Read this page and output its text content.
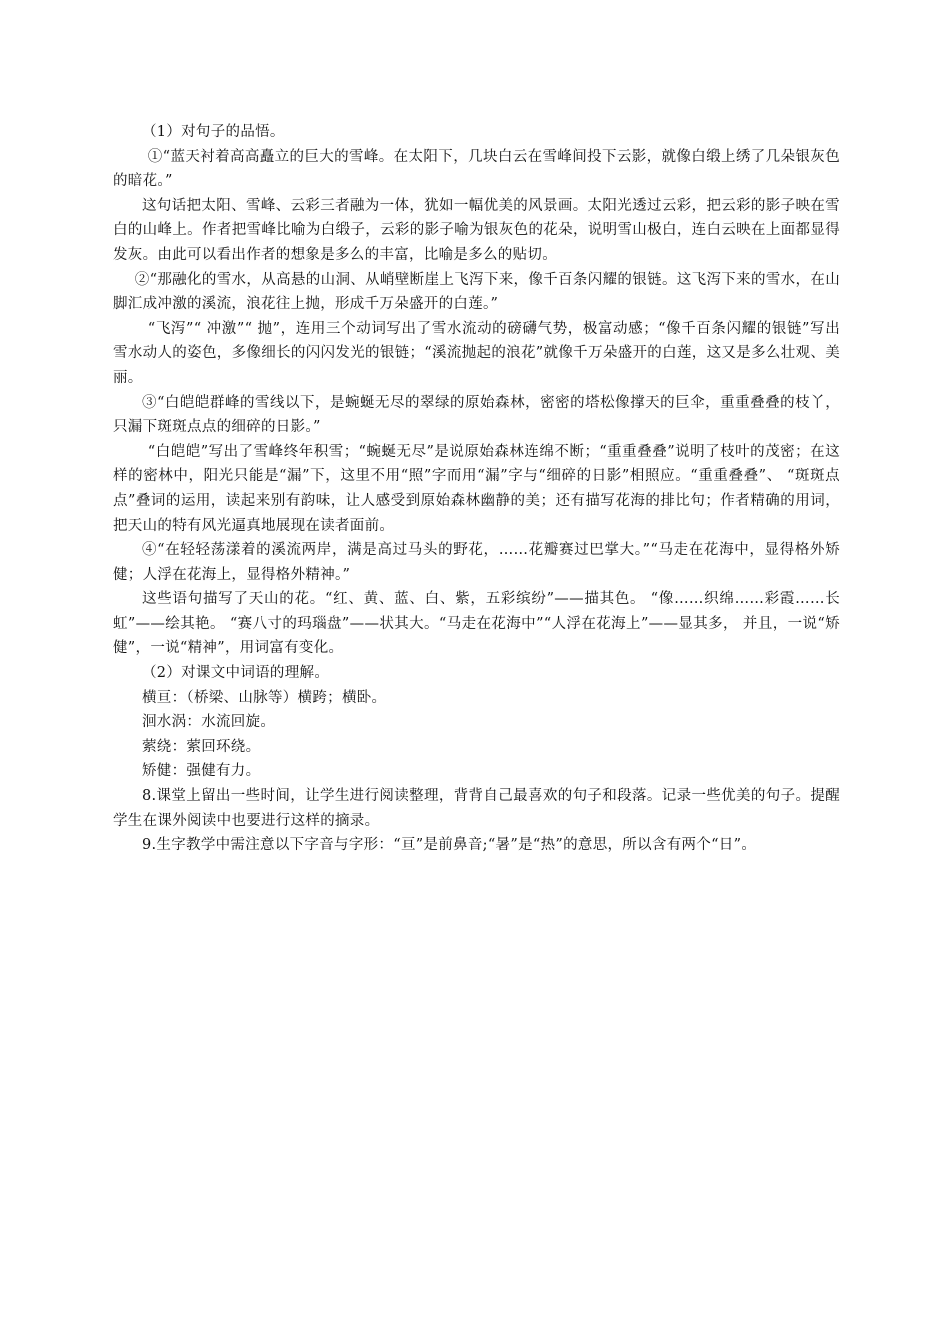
（1）对句子的品悟。

①“蓝天衬着高高矗立的巨大的雪峰。在太阳下，几块白云在雪峰间投下云影，就像白缎上绣了几朵银灰色的暗花。”

这句话把太阳、雪峰、云彩三者融为一体，犹如一幅优美的风景画。太阳光透过云彩，把云彩的影子映在雪白的山峰上。作者把雪峰比喻为白缎子，云彩的影子喻为银灰色的花朵，说明雪山极白，连白云映在上面都显得发灰。由此可以看出作者的想象是多么的丰富，比喻是多么的贴切。

②“那融化的雪水，从高悬的山洞、从峭壁断崖上飞泻下来，像千百条闪耀的银链。这飞泻下来的雪水，在山脚汇成冲激的溪流，浪花往上抛，形成千万朵盛开的白莲。”

“飞泻”“ 冲激”“ 抛”，连用三个动词写出了雪水流动的磅礴气势，极富动感；“像千百条闪耀的银链”写出雪水动人的姿色，多像细长的闪闪发光的银链；“溪流抛起的浪花”就像千万朵盛开的白莲，这又是多么壮观、美丽。

③“白皑皑群峰的雪线以下，是蜿蜒无尽的翠绿的原始森林，密密的塔松像撑天的巨伞，重重叠叠的枝丫，只漏下斑斑点点的细碎的日影。”

“白皑皑”写出了雪峰终年积雪；“蜿蜒无尽”是说原始森林连绵不断；“重重叠叠”说明了枝叶的茂密；在这样的密林中，阳光只能是“漏”下，这里不用“照”字而用“漏”字与“细碎的日影”相照应。“重重叠叠”、 “斑斑点点”叠词的运用，读起来别有韵味，让人感受到原始森林幽静的美；还有描写花海的排比句；作者精确的用词，把天山的特有风光逼真地展现在读者面前。

④“在轻轻荡漾着的溪流两岸，满是高过马头的野花，……花瓣赛过巴掌大。”“马走在花海中，显得格外矫健；人浮在花海上，显得格外精神。”

这些语句描写了天山的花。“红、黄、蓝、白、紫，五彩缤纷”——描其色。 “像……织绵……彩霞……长虹”——绘其艳。 “赛八寸的玛瑙盘”——状其大。“马走在花海中”“人浮在花海上”——显其多， 并且，一说“矫健”，一说“精神”，用词富有变化。

（2）对课文中词语的理解。

横亘：（桥梁、山脉等）横跨；横卧。

洄水涡：水流回旋。

萦绕：萦回环绕。

矫健：强健有力。

8.课堂上留出一些时间，让学生进行阅读整理，背背自己最喜欢的句子和段落。记录一些优美的句子。提醒学生在课外阅读中也要进行这样的摘录。

9.生字教学中需注意以下字音与字形：“亘”是前鼻音;“暑”是“热”的意思，所以含有两个“日”。
